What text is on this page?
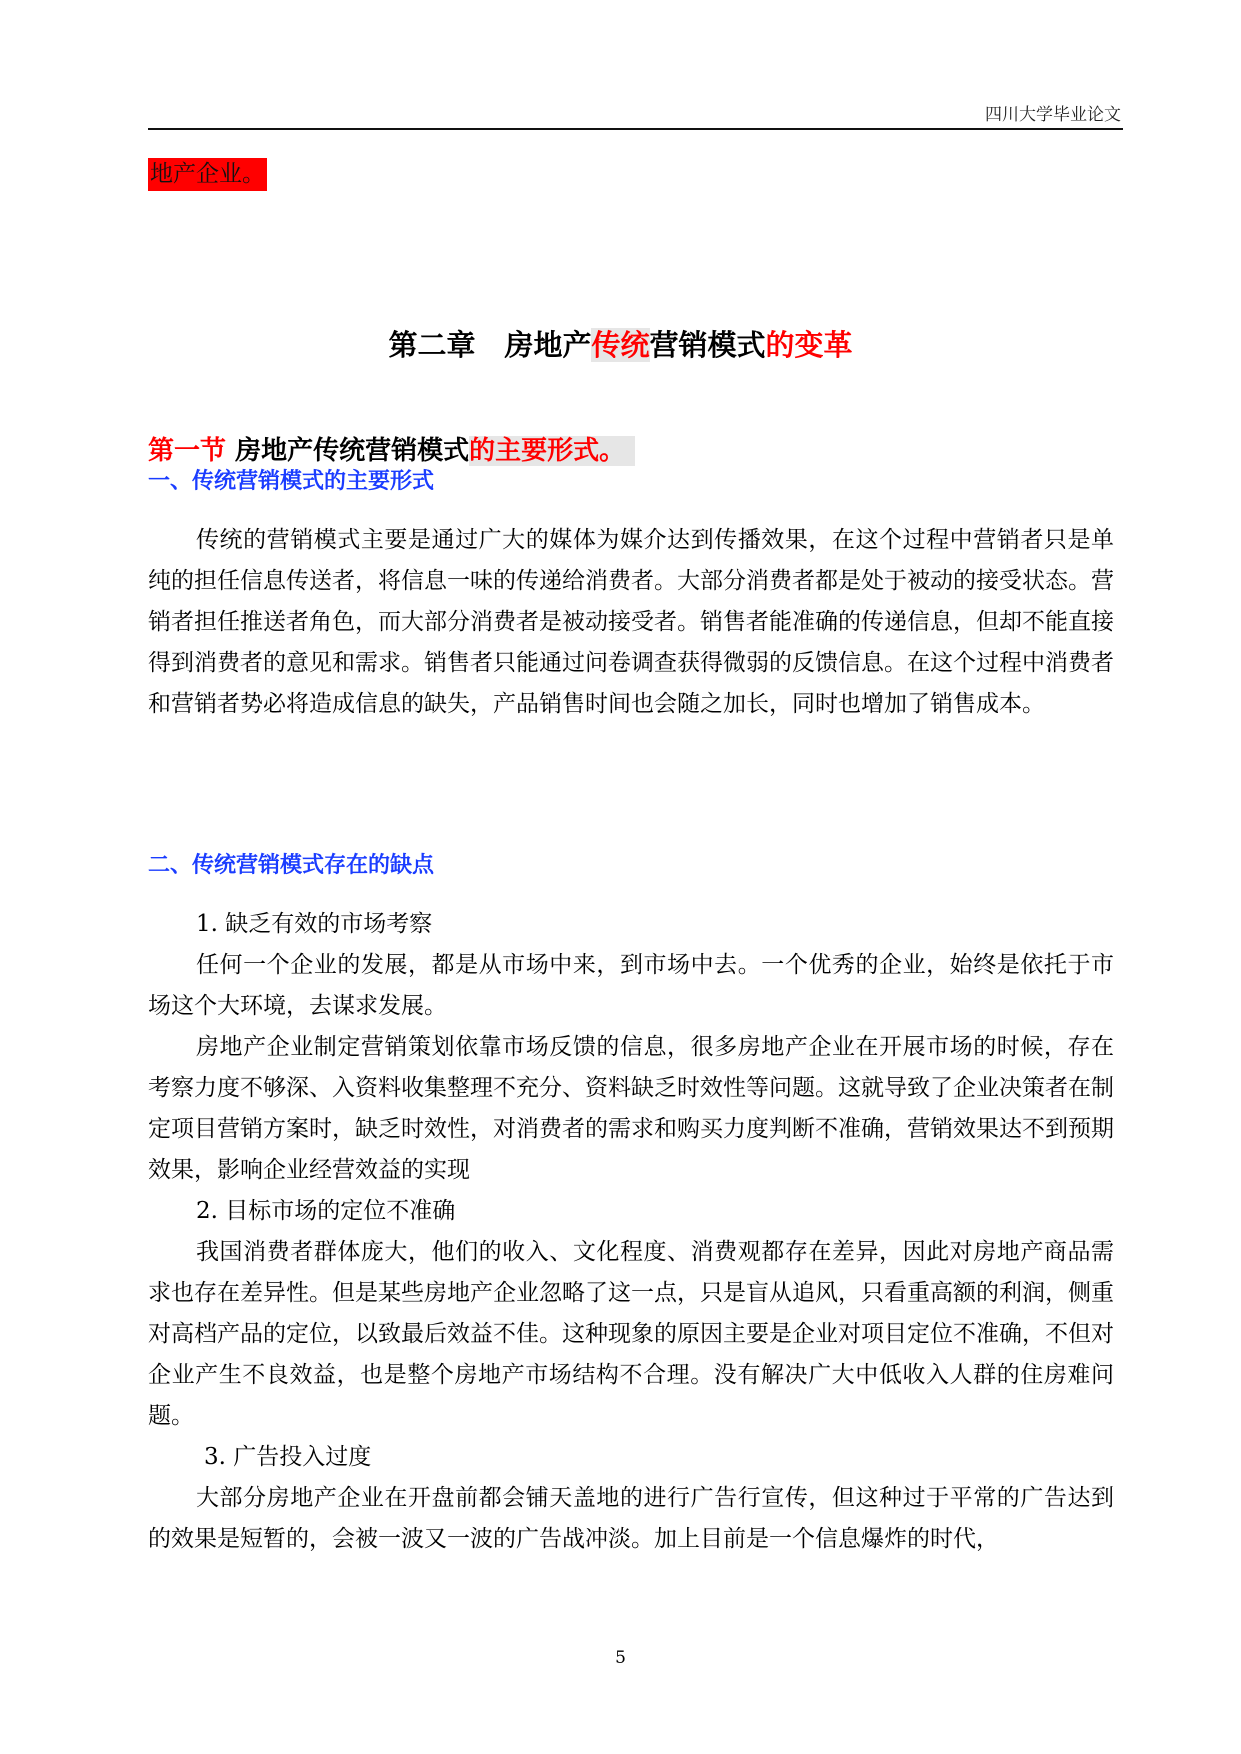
四川大学毕业论文
地产企业。
第二章　房地产传统营销模式的变革
第一节 房地产传统营销模式的主要形式。
一、传统营销模式的主要形式

传统的营销模式主要是通过广大的媒体为媒介达到传播效果，在这个过程中营销者只是单纯的担任信息传送者，将信息一味的传递给消费者。大部分消费者都是处于被动的接受状态。营销者担任推送者角色，而大部分消费者是被动接受者。销售者能准确的传递信息，但却不能直接得到消费者的意见和需求。销售者只能通过问卷调查获得微弱的反馈信息。在这个过程中消费者和营销者势必将造成信息的缺失，产品销售时间也会随之加长，同时也增加了销售成本。

二、传统营销模式存在的缺点
1. 缺乏有效的市场考察

任何一个企业的发展，都是从市场中来，到市场中去。一个优秀的企业，始终是依托于市场这个大环境，去谋求发展。

房地产企业制定营销策划依靠市场反馈的信息，很多房地产企业在开展市场的时候，存在考察力度不够深、入资料收集整理不充分、资料缺乏时效性等问题。这就导致了企业决策者在制定项目营销方案时，缺乏时效性，对消费者的需求和购买力度判断不准确，营销效果达不到预期效果，影响企业经营效益的实现

2. 目标市场的定位不准确

我国消费者群体庞大，他们的收入、文化程度、消费观都存在差异，因此对房地产商品需求也存在差异性。但是某些房地产企业忽略了这一点，只是盲从追风，只看重高额的利润，侧重对高档产品的定位，以致最后效益不佳。这种现象的原因主要是企业对项目定位不准确，不但对企业产生不良效益，也是整个房地产市场结构不合理。没有解决广大中低收入人群的住房难问题。

3. 广告投入过度

大部分房地产企业在开盘前都会铺天盖地的进行广告行宣传，但这种过于平常的广告达到的效果是短暂的，会被一波又一波的广告战冲淡。加上目前是一个信息爆炸的时代，

5
